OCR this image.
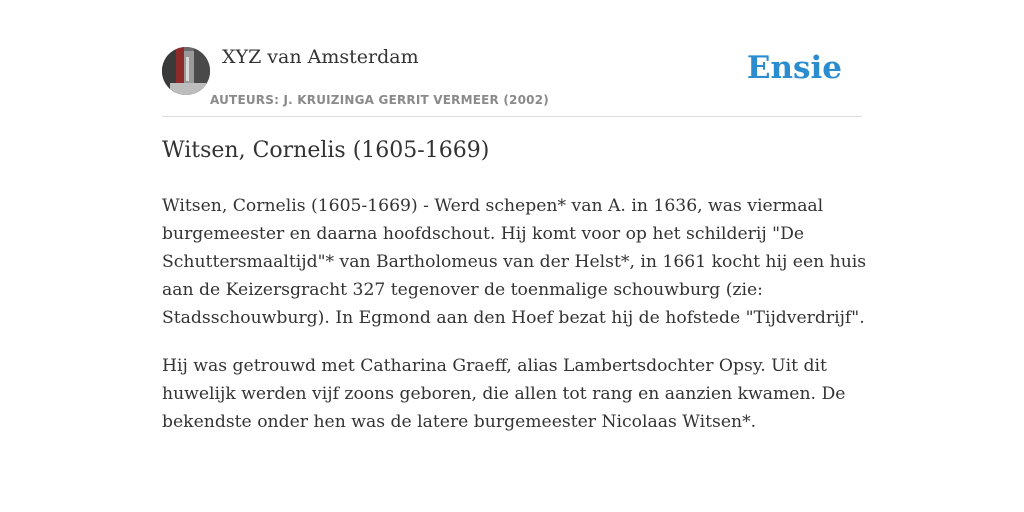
XYZ van Amsterdam
AUTEURS: J. KRUIZINGA GERRIT VERMEER (2002)
Ensie
Witsen, Cornelis (1605-1669)

Witsen, Cornelis (1605-1669) - Werd schepen* van A. in 1636, was viermaal
burgemeester en daarna hoofdschout. Hij komt voor op het schilderij "De
Schuttersmaaltijd"* van Bartholomeus van der Helst*, in 1661 kocht hij een huis
aan de Keizersgracht 327 tegenover de toenmalige schouwburg (zie:
Stadsschouwburg). In Egmond aan den Hoef bezat hij de hofstede "Tijdverdrijf".

Hij was getrouwd met Catharina Graeff, alias Lambertsdochter Opsy. Uit dit
huwelijk werden vijf zoons geboren, die allen tot rang en aanzien kwamen. De
bekendste onder hen was de latere burgemeester Nicolaas Witsen*.
